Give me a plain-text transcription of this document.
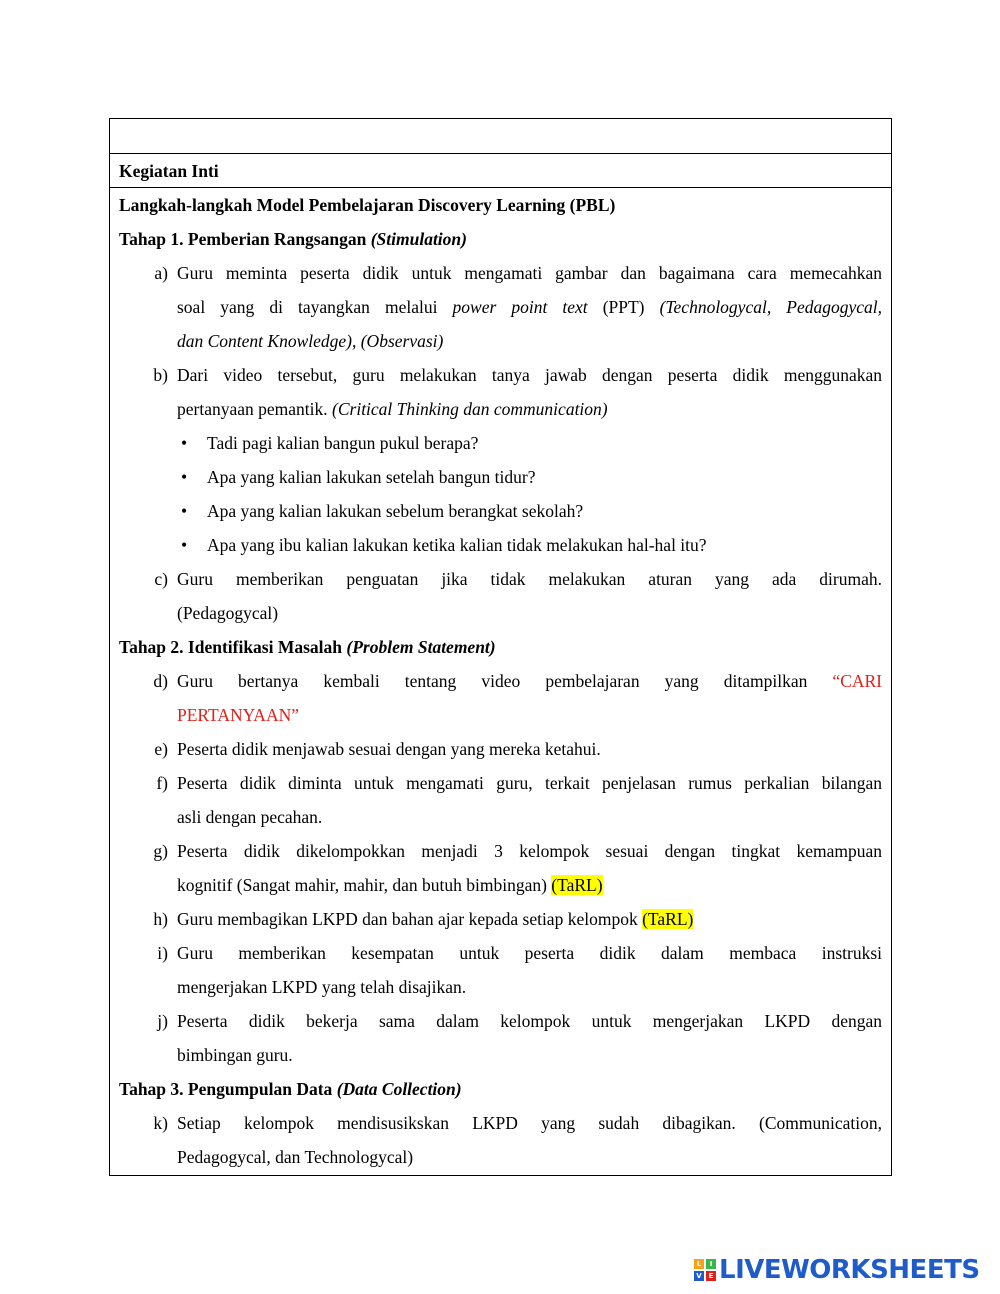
Kegiatan Inti
Langkah-langkah Model Pembelajaran Discovery Learning (PBL)
Tahap 1. Pemberian Rangsangan (Stimulation)
a) Guru meminta peserta didik untuk mengamati gambar dan bagaimana cara memecahkan
soal yang di tayangkan melalui power point text (PPT) (Technologycal, Pedagogycal,
dan Content Knowledge), (Observasi)
b) Dari video tersebut, guru melakukan tanya jawab dengan peserta didik menggunakan
pertanyaan pemantik. (Critical Thinking dan communication)
•	Tadi pagi kalian bangun pukul berapa?
•	Apa yang kalian lakukan setelah bangun tidur?
•	Apa yang kalian lakukan sebelum berangkat sekolah?
•	Apa yang ibu kalian lakukan ketika kalian tidak melakukan hal-hal itu?
c) Guru memberikan penguatan jika tidak melakukan aturan yang ada dirumah.
(Pedagogycal)
Tahap 2. Identifikasi Masalah (Problem Statement)
d) Guru bertanya kembali tentang video pembelajaran yang ditampilkan “CARI
PERTANYAAN”
e) Peserta didik menjawab sesuai dengan yang mereka ketahui.
f) Peserta didik diminta untuk mengamati guru, terkait penjelasan rumus perkalian bilangan
asli dengan pecahan.
g) Peserta didik dikelompokkan menjadi 3 kelompok sesuai dengan tingkat kemampuan
kognitif (Sangat mahir, mahir, dan butuh bimbingan) (TaRL)
h) Guru membagikan LKPD dan bahan ajar kepada setiap kelompok (TaRL)
i) Guru memberikan kesempatan untuk peserta didik dalam membaca instruksi
mengerjakan LKPD yang telah disajikan.
j) Peserta didik bekerja sama dalam kelompok untuk mengerjakan LKPD dengan
bimbingan guru.
Tahap 3. Pengumpulan Data (Data Collection)
k) Setiap kelompok mendisusikskan LKPD yang sudah dibagikan. (Communication,
Pedagogycal, dan Technologycal)
L	I
V E LIVEWORKSHEETS
